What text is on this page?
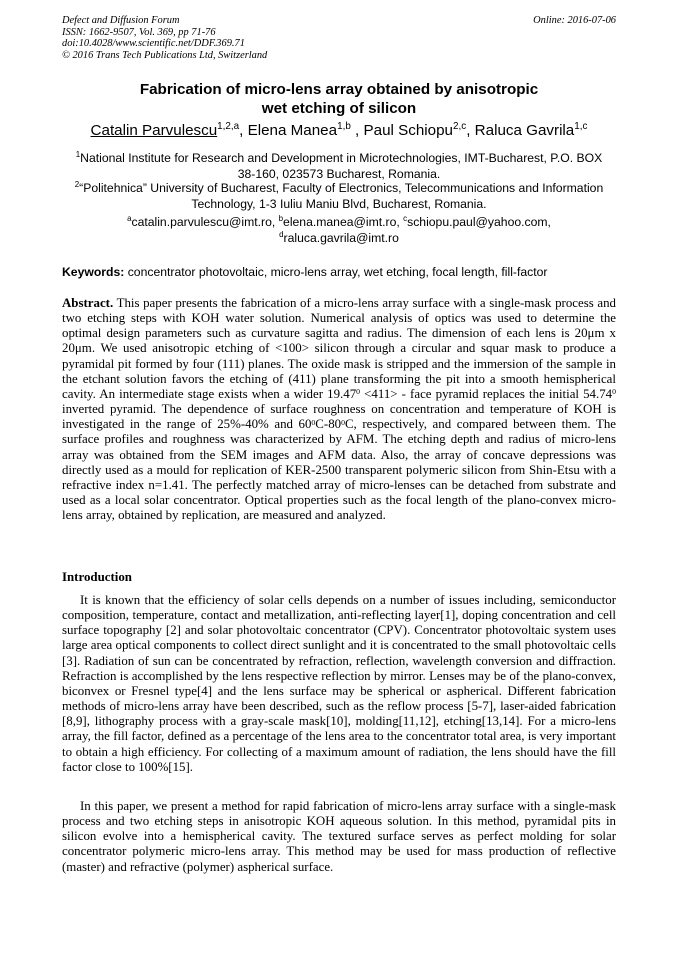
Defect and Diffusion Forum
ISSN: 1662-9507, Vol. 369, pp 71-76
doi:10.4028/www.scientific.net/DDF.369.71
© 2016 Trans Tech Publications Ltd, Switzerland
Online: 2016-07-06
Fabrication of micro-lens array obtained by anisotropic
wet etching of silicon
Catalin Parvulescu$^{1,2,a}$, Elena Manea$^{1,b}$ , Paul Schiopu$^{2,c}$, Raluca Gavrila$^{1,c}$
$^1$National Institute for Research and Development in Microtechnologies, IMT-Bucharest, P.O. BOX
38-160, 023573 Bucharest, Romania.
$^2$“Politehnica” University of Bucharest, Faculty of Electronics, Telecommunications and Information
Technology, 1-3 Iuliu Maniu Blvd, Bucharest, Romania.
$^a$catalin.parvulescu@imt.ro, $^b$elena.manea@imt.ro, $^c$schiopu.paul@yahoo.com,
$^d$raluca.gavrila@imt.ro
Keywords: concentrator photovoltaic, micro-lens array, wet etching, focal length, fill-factor
Abstract. This paper presents the fabrication of a micro-lens array surface with a single-mask process and two etching steps with KOH water solution. Numerical analysis of optics was used to determine the optimal design parameters such as curvature sagitta and radius. The dimension of each lens is 20μm x 20μm. We used anisotropic etching of <100> silicon through a circular and squar mask to produce a pyramidal pit formed by four (111) planes. The oxide mask is stripped and the immersion of the sample in the etchant solution favors the etching of (411) plane transforming the pit into a smooth hemispherical cavity. An intermediate stage exists when a wider $19.47^0 <411>$ - face pyramid replaces the initial 54.74$^0$ inverted pyramid. The dependence of surface roughness on concentration and temperature of KOH is investigated in the range of 25%-40% and $60^0C-80^0C$, respectively, and compared between them. The surface profiles and roughness was characterized by AFM. The etching depth and radius of micro-lens array was obtained from the SEM images and AFM data. Also, the array of concave depressions was directly used as a mould for replication of KER-2500 transparent polymeric silicon from Shin-Etsu with a refractive index n=1.41. The perfectly matched array of micro-lenses can be detached from substrate and used as a local solar concentrator. Optical properties such as the focal length of the plano-convex micro-lens array, obtained by replication, are measured and analyzed.
Introduction
It is known that the efficiency of solar cells depends on a number of issues including, semiconductor composition, temperature, contact and metallization, anti-reflecting layer[1], doping concentration and cell surface topography [2] and solar photovoltaic concentrator (CPV). Concentrator photovoltaic system uses large area optical components to collect direct sunlight and it is concentrated to the small photovoltaic cells [3]. Radiation of sun can be concentrated by refraction, reflection, wavelength conversion and diffraction. Refraction is accomplished by the lens respective reflection by mirror. Lenses may be of the plano-convex, biconvex or Fresnel type[4] and the lens surface may be spherical or aspherical. Different fabrication methods of micro-lens array have been described, such as the reflow process [5-7], laser-aided fabrication [8,9], lithography process with a gray-scale mask[10], molding[11,12], etching[13,14]. For a micro-lens array, the fill factor, defined as a percentage of the lens area to the concentrator total area, is very important to obtain a high efficiency. For collecting of a maximum amount of radiation, the lens should have the fill factor close to 100%[15].
In this paper, we present a method for rapid fabrication of micro-lens array surface with a single-mask process and two etching steps in anisotropic KOH aqueous solution. In this method, pyramidal pits in silicon evolve into a hemispherical cavity. The textured surface serves as perfect molding for solar concentrator polymeric micro-lens array. This method may be used for mass production of reflective (master) and refractive (polymer) aspherical surface.
